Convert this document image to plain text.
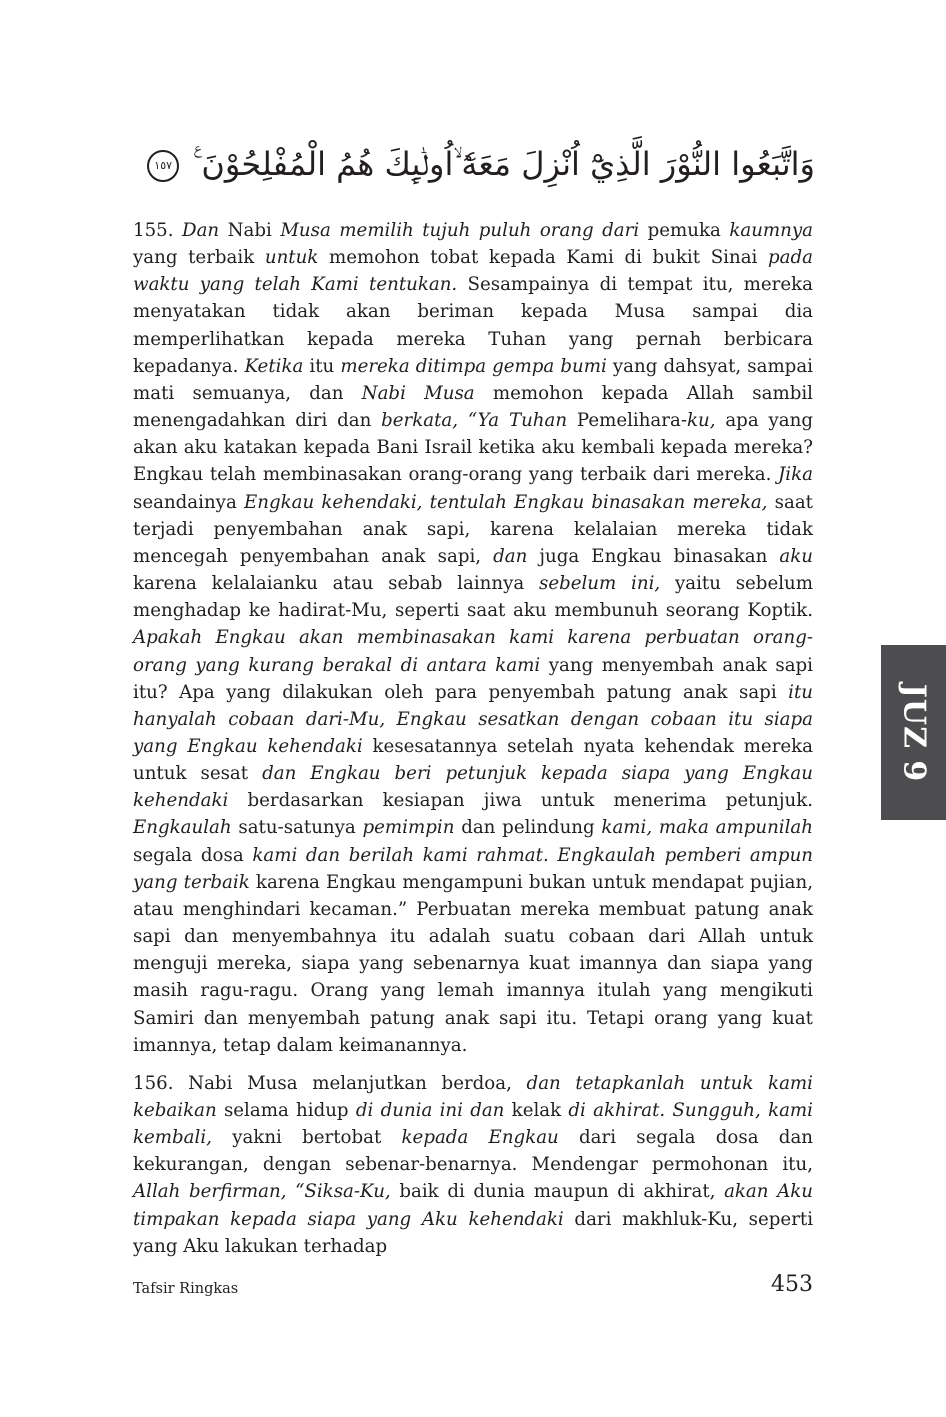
وَاتَّبَعُوا النُّوْرَ الَّذِيْٓ اُنْزِلَ مَعَهٗٓ ۙاُولٰۤىِٕكَ هُمُ الْمُفْلِحُوْنَ ࣖ ١٥٧

155. Dan Nabi Musa memilih tujuh puluh orang dari pemuka kaumnya yang terbaik untuk memohon tobat kepada Kami di bukit Sinai pada waktu yang telah Kami tentukan. Sesampainya di tempat itu, mereka menyatakan tidak akan beriman kepada Musa sampai dia memperlihatkan kepada mereka Tuhan yang pernah berbicara kepadanya. Ketika itu mereka ditimpa gempa bumi yang dahsyat, sampai mati semuanya, dan Nabi Musa memohon kepada Allah sambil menengadahkan diri dan berkata, “Ya Tuhan Pemelihara-ku, apa yang akan aku katakan kepada Bani Israil ketika aku kembali kepada mereka? Engkau telah membinasakan orang-orang yang terbaik dari mereka. Jika seandainya Engkau kehendaki, tentulah Engkau binasakan mereka, saat terjadi penyembahan anak sapi, karena kelalaian mereka tidak mencegah penyembahan anak sapi, dan juga Engkau binasakan aku karena kelalaianku atau sebab lainnya sebelum ini, yaitu sebelum menghadap ke hadirat-Mu, seperti saat aku membunuh seorang Koptik. Apakah Engkau akan membinasakan kami karena perbuatan orang-orang yang kurang berakal di antara kami yang menyembah anak sapi itu? Apa yang dilakukan oleh para penyembah patung anak sapi itu hanyalah cobaan dari-Mu, Engkau sesatkan dengan cobaan itu siapa yang Engkau kehendaki kesesatannya setelah nyata kehendak mereka untuk sesat dan Engkau beri petunjuk kepada siapa yang Engkau kehendaki berdasarkan kesiapan jiwa untuk menerima petunjuk. Engkaulah satu-satunya pemimpin dan pelindung kami, maka ampunilah segala dosa kami dan berilah kami rahmat. Engkaulah pemberi ampun yang terbaik karena Engkau mengampuni bukan untuk mendapat pujian, atau menghindari kecaman.” Perbuatan mereka membuat patung anak sapi dan menyembahnya itu adalah suatu cobaan dari Allah untuk menguji mereka, siapa yang sebenarnya kuat imannya dan siapa yang masih ragu-ragu. Orang yang lemah imannya itulah yang mengikuti Samiri dan menyembah patung anak sapi itu. Tetapi orang yang kuat imannya, tetap dalam keimanannya.

156. Nabi Musa melanjutkan berdoa, dan tetapkanlah untuk kami kebaikan selama hidup di dunia ini dan kelak di akhirat. Sungguh, kami kembali, yakni bertobat kepada Engkau dari segala dosa dan kekurangan, dengan sebenar-benarnya. Mendengar permohonan itu, Allah berfirman, “Siksa-Ku, baik di dunia maupun di akhirat, akan Aku timpakan kepada siapa yang Aku kehendaki dari makhluk-Ku, seperti yang Aku lakukan terhadap

JUZ 9
Tafsir Ringkas	453
